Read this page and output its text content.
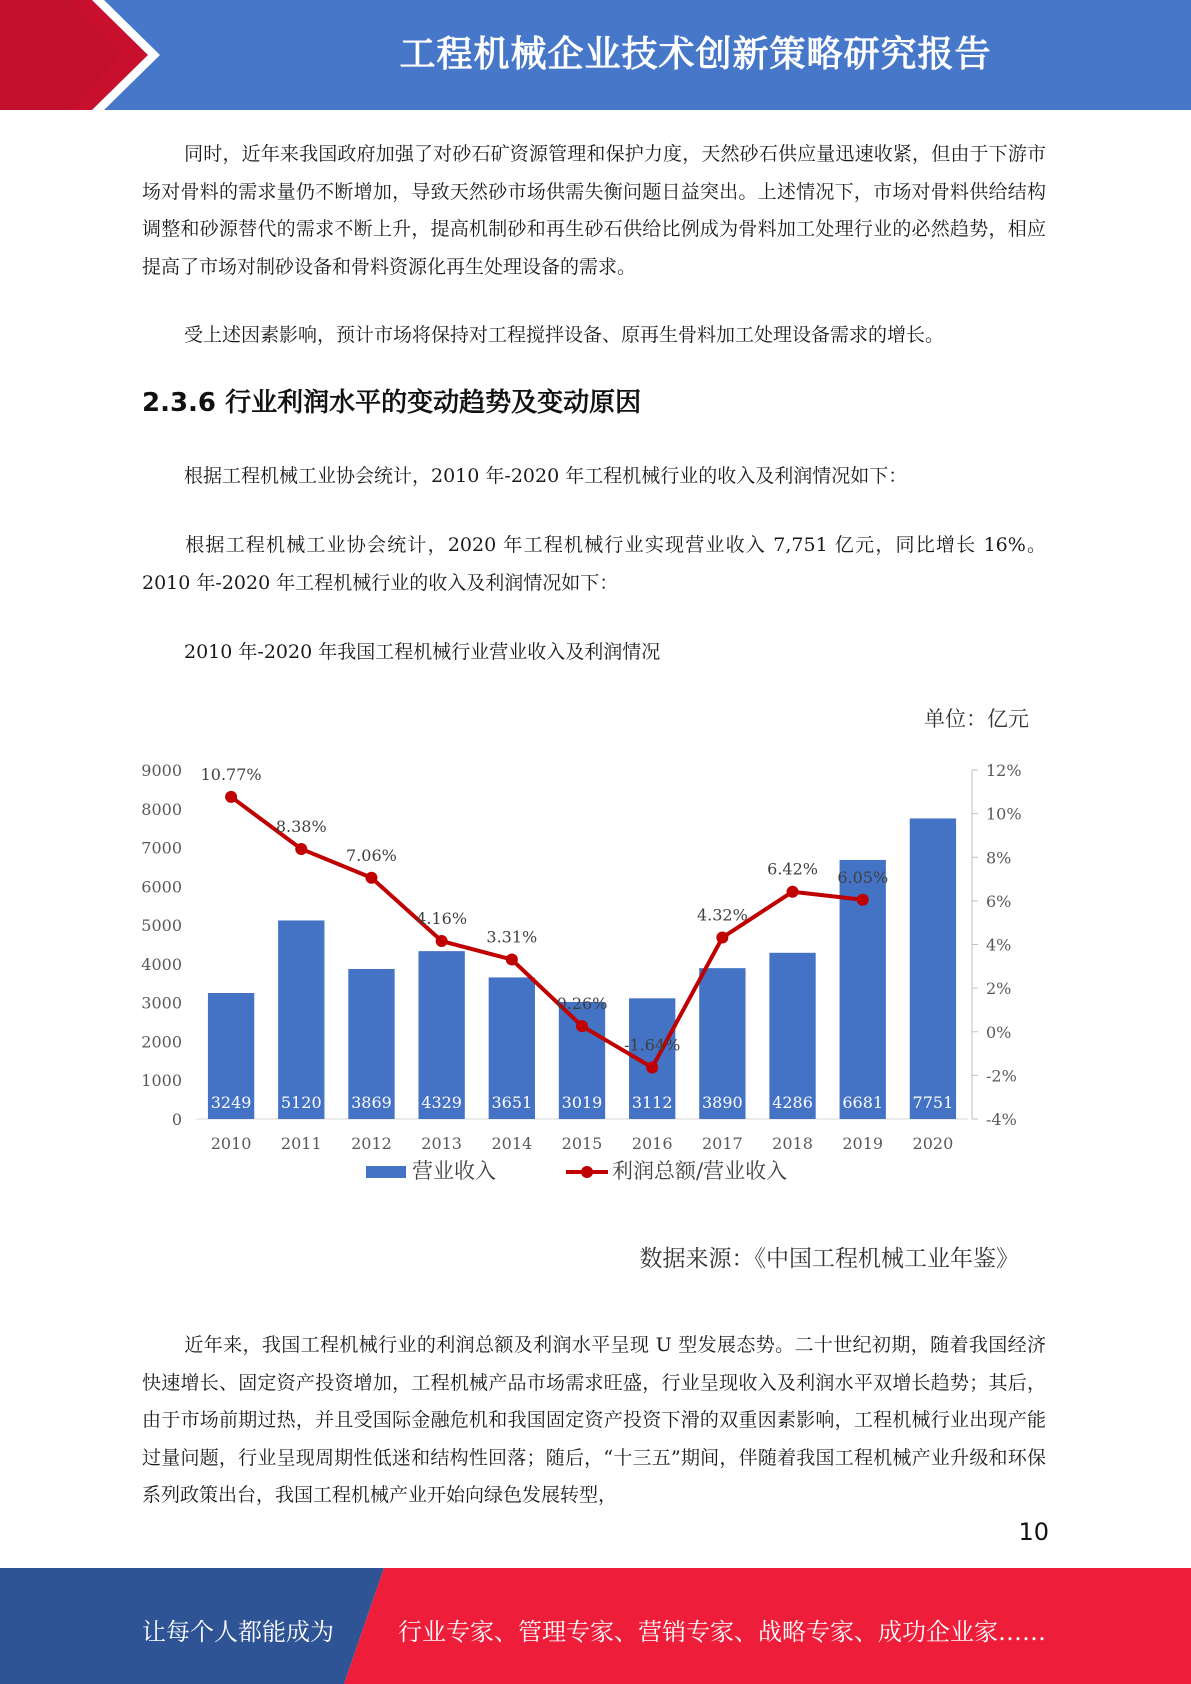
工程机械企业技术创新策略研究报告

同时，近年来我国政府加强了对砂石矿资源管理和保护力度，天然砂石供应量迅速收紧，但由于下游市场对骨料的需求量仍不断增加，导致天然砂市场供需失衡问题日益突出。上述情况下，市场对骨料供给结构调整和砂源替代的需求不断上升，提高机制砂和再生砂石供给比例成为骨料加工处理行业的必然趋势，相应提高了市场对制砂设备和骨料资源化再生处理设备的需求。

受上述因素影响，预计市场将保持对工程搅拌设备、原再生骨料加工处理设备需求的增长。

2.3.6 行业利润水平的变动趋势及变动原因

根据工程机械工业协会统计，2010 年-2020 年工程机械行业的收入及利润情况如下：

根据工程机械工业协会统计，2020 年工程机械行业实现营业收入 7,751 亿元，同比增长 16%。2010 年-2020 年工程机械行业的收入及利润情况如下：

2010 年-2020 年我国工程机械行业营业收入及利润情况
单位：亿元
9000
8000
7000
6000
5000
4000
3000
2000
1000
0
12%
10%
8%
6%
4%
2%
0%
-2%
-4%
3249 5120 3869 4329 3651 3019 3112 3890 4286 6681 7751
2010 2011 2012 2013 2014 2015 2016 2017 2018 2019 2020
10.77%
8.38%
7.06%
4.16%
3.31%
0.26%
-1.64%
4.32%
6.42% 6.05%
营业收入	利润总额/营业收入
数据来源：《中国工程机械工业年鉴》

近年来，我国工程机械行业的利润总额及利润水平呈现 U 型发展态势。二十世纪初期，随着我国经济快速增长、固定资产投资增加，工程机械产品市场需求旺盛，行业呈现收入及利润水平双增长趋势；其后，由于市场前期过热，并且受国际金融危机和我国固定资产投资下滑的双重因素影响，工程机械行业出现产能过量问题，行业呈现周期性低迷和结构性回落；随后，“十三五”期间，伴随着我国工程机械产业升级和环保系列政策出台，我国工程机械产业开始向绿色发展转型，

10
让每个人都能成为	行业专家、管理专家、营销专家、战略专家、成功企业家……
